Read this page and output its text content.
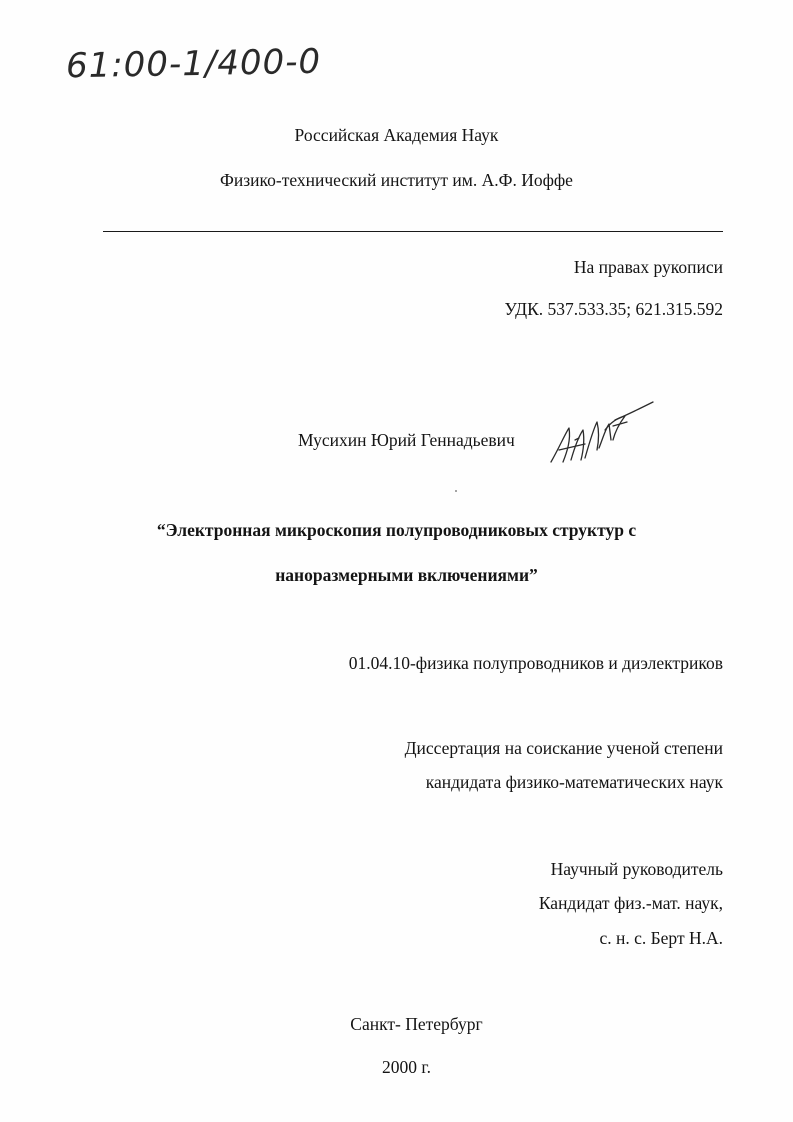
61:00-1/400-0
Российская Академия Наук
Физико-технический институт им. А.Ф. Иоффе
На правах рукописи
УДК. 537.533.35; 621.315.592
Мусихин Юрий Геннадьевич
“Электронная микроскопия полупроводниковых структур с
наноразмерными включениями”
01.04.10-физика полупроводников и диэлектриков
Диссертация на соискание ученой степени
кандидата физико-математических наук
Научный руководитель
Кандидат физ.-мат. наук,
с. н. с. Берт Н.А.
Санкт- Петербург
2000 г.
